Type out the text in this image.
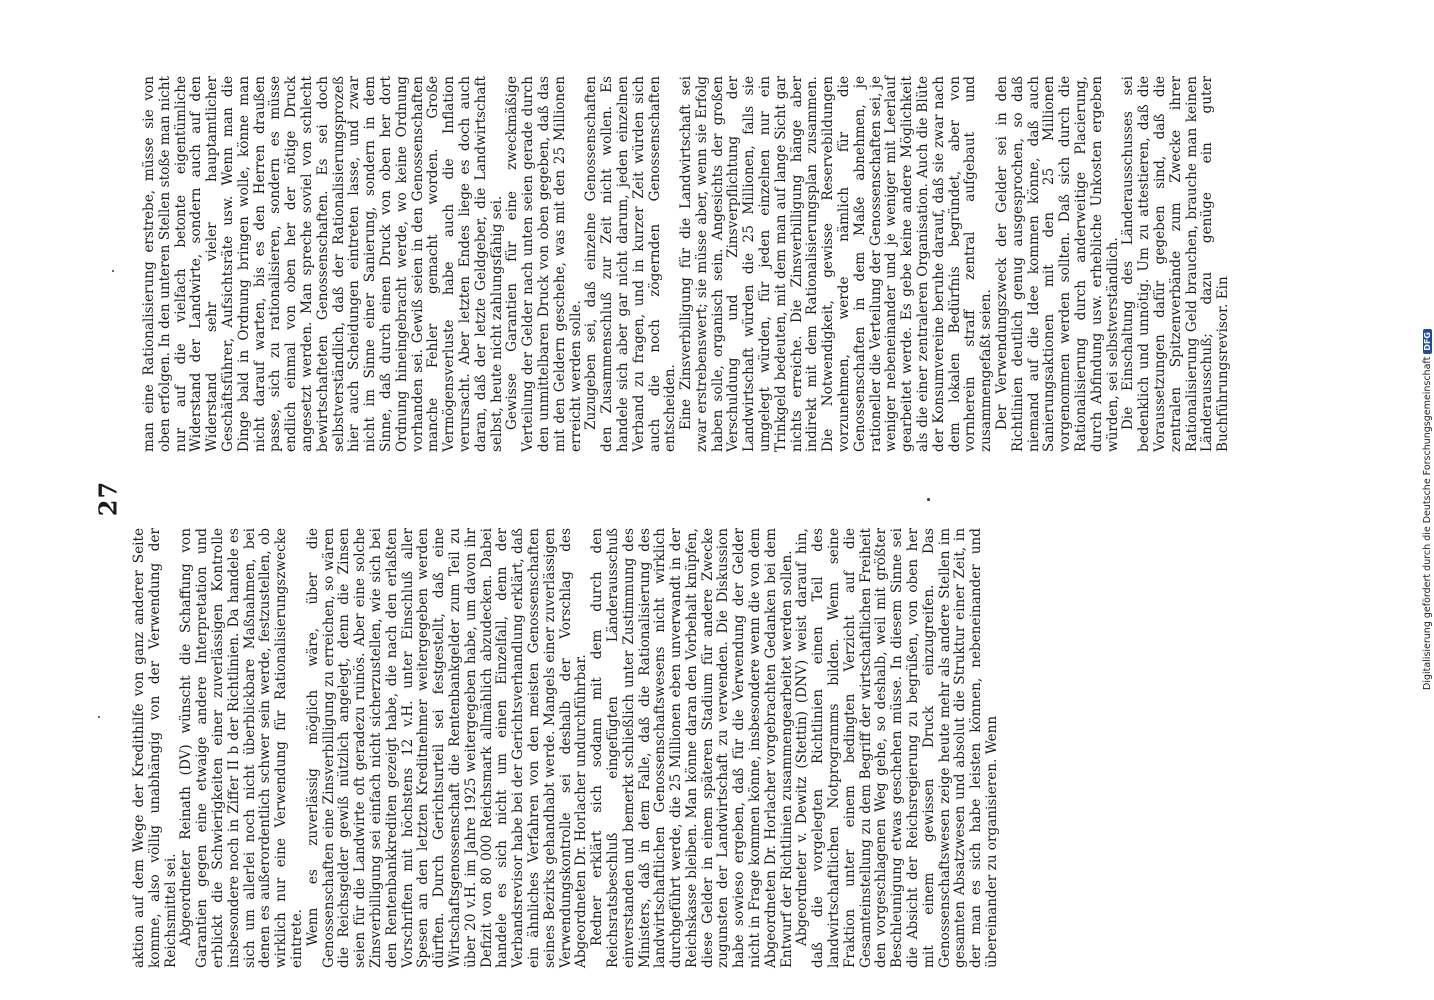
27

aktion auf dem Wege der Kredithilfe von ganz anderer Seite komme, also völlig unabhängig von der Verwendung der Reichsmittel sei. Abgeordneter Reinath (DV) wünscht die Schaffung von Garantien gegen eine etwaige andere Interpretation und erblickt die Schwierigkeiten einer zuverlässigen Kontrolle insbesondere noch in Ziffer II b der Richtlinien. Da handele es sich um allerlei noch nicht überblickbare Maßnahmen, bei denen es außerordentlich schwer sein werde, festzustellen, ob wirklich nur eine Verwendung für Rationalisierungszwecke eintrete. Wenn es zuverlässig möglich wäre, über die Genossenschaften eine Zinsverbilligung zu erreichen, so wären die Reichsgelder gewiß nützlich angelegt, denn die Zinsen seien für die Landwirte oft geradezu ruinös. Aber eine solche Zinsverbilligung sei einfach nicht sicherzustellen, wie sich bei den Rentenbankkrediten gezeigt habe, die nach den erlaßten Vorschriften mit höchstens 12 v.H. unter Einschluß aller Spesen an den letzten Kreditnehmer weitergegeben werden dürften. Durch Gerichtsurteil sei festgestellt, daß eine Wirtschaftsgenossenschaft die Rentenbankgelder zum Teil zu über 20 v.H. im Jahre 1925 weitergegeben habe, um davon ihr Defizit von 80 000 Reichsmark allmählich abzudecken. Dabei handele es sich nicht um einen Einzelfall, denn der Verbandsrevisor habe bei der Gerichtsverhandlung erklärt, daß ein ähnliches Verfahren von den meisten Genossenschaften seines Bezirks gehandhabt werde. Mangels einer zuverlässigen Verwendungskontrolle sei deshalb der Vorschlag des Abgeordneten Dr. Horlacher undurchführbar. Redner erklärt sich sodann mit dem durch den Reichsratsbeschluß eingefügten Länderausschuß einverstanden und bemerkt schließlich unter Zustimmung des Ministers, daß in dem Falle, daß die Rationalisierung des landwirtschaftlichen Genossenschaftswesens nicht wirklich durchgeführt werde, die 25 Millionen eben unverwandt in der Reichskasse bleiben. Man könne daran den Vorbehalt knüpfen, diese Gelder in einem späteren Stadium für andere Zwecke zugunsten der Landwirtschaft zu verwenden. Die Diskussion habe sowieso ergeben, daß für die Verwendung der Gelder nicht in Frage kommen könne, insbesondere wenn die von dem Abgeordneten Dr. Horlacher vorgebrachten Gedanken bei dem Entwurf der Richtlinien zusammengearbeitet werden sollen. Abgeordneter v. Dewitz (Stettin) (DNV) weist darauf hin, daß die vorgelegten Richtlinien einen Teil des landwirtschaftlichen Notprogramms bilden. Wenn seine Fraktion unter einem bedingten Verzicht auf die Gesamteinstellung zu dem Begriff der wirtschaftlichen Freiheit den vorgeschlagenen Weg gehe, so deshalb, weil mit größter Beschleunigung etwas geschehen müsse. In diesem Sinne sei die Absicht der Reichsregierung zu begrüßen, von oben her mit einem gewissen Druck einzugreifen. Das Genossenschaftswesen zeige heute mehr als andere Stellen im gesamten Absatzwesen und absolut die Struktur einer Zeit, in der man es sich habe leisten können, nebeneinander und übereinander zu organisieren. Wenn

man eine Rationalisierung erstrebe, müsse sie von oben erfolgen. In den unteren Stellen stoße man nicht nur auf die vielfach betonte eigentümliche Widerstand der Landwirte, sondern auch auf den Widerstand sehr vieler hauptamtlicher Geschäftsführer, Aufsichtsräte usw. Wenn man die Dinge bald in Ordnung bringen wolle, könne man nicht darauf warten, bis es den Herren draußen passe, sich zu rationalisieren, sondern es müsse endlich einmal von oben her der nötige Druck angesetzt werden. Man spreche soviel von schlecht bewirtschafteten Genossenschaften. Es sei doch selbstverständlich, daß der Rationalisierungsprozeß hier auch Scheidungen eintreten lasse, und zwar nicht im Sinne einer Sanierung, sondern in dem Sinne, daß durch einen Druck von oben her dort Ordnung hineingebracht werde, wo keine Ordnung vorhanden sei. Gewiß seien in den Genossenschaften manche Fehler gemacht worden. Große Vermögensverluste habe auch die Inflation verursacht. Aber letzten Endes liege es doch auch daran, daß der letzte Geldgeber, die Landwirtschaft selbst, heute nicht zahlungsfähig sei. Gewisse Garantien für eine zweckmäßige Verteilung der Gelder nach unten seien gerade durch den unmittelbaren Druck von oben gegeben, daß das mit den Geldern geschehe, was mit den 25 Millionen erreicht werden solle. Zuzugeben sei, daß einzelne Genossenschaften den Zusammenschluß zur Zeit nicht wollen. Es handele sich aber gar nicht darum, jeden einzelnen Verband zu fragen, und in kurzer Zeit würden sich auch die noch zögernden Genossenschaften entscheiden. Eine Zinsverbilligung für die Landwirtschaft sei zwar erstrebenswert; sie müsse aber, wenn sie Erfolg haben solle, organisch sein. Angesichts der großen Verschuldung und Zinsverpflichtung der Landwirtschaft würden die 25 Millionen, falls sie umgelegt würden, für jeden einzelnen nur ein Trinkgeld bedeuten, mit dem man auf lange Sicht gar nichts erreiche. Die Zinsverbilligung hänge aber indirekt mit dem Rationalisierungsplan zusammen. Die Notwendigkeit, gewisse Reservebildungen vorzunehmen, werde nämlich für die Genossenschaften in dem Maße abnehmen, je rationeller die Verteilung der Genossenschaften sei, je weniger nebeneinander und je weniger mit Leerlauf gearbeitet werde. Es gebe keine andere Möglichkeit als die einer zentraleren Organisation. Auch die Blüte der Konsumvereine beruhe darauf, daß sie zwar nach dem lokalen Bedürfnis begründet, aber von vornherein straff zentral aufgebaut und zusammengefaßt seien. Der Verwendungszweck der Gelder sei in den Richtlinien deutlich genug ausgesprochen, so daß niemand auf die Idee kommen könne, daß auch Sanierungsaktionen mit den 25 Millionen vorgenommen werden sollten. Daß sich durch die Rationalisierung durch anderweitige Placierung, durch Abfindung usw. erhebliche Unkosten ergeben würden, sei selbstverständlich. Die Einschaltung des Länderausschusses sei bedenklich und unnötig. Um zu attestieren, daß die Voraussetzungen dafür gegeben sind, daß die zentralen Spitzenverbände zum Zwecke ihrer Rationalisierung Geld brauchen, brauche man keinen Länderausschuß; dazu genüge ein guter Buchführungsrevisor. Ein	Digitalisierung gefördert durch die Deutsche ForschungsgemeinschaftDFG
